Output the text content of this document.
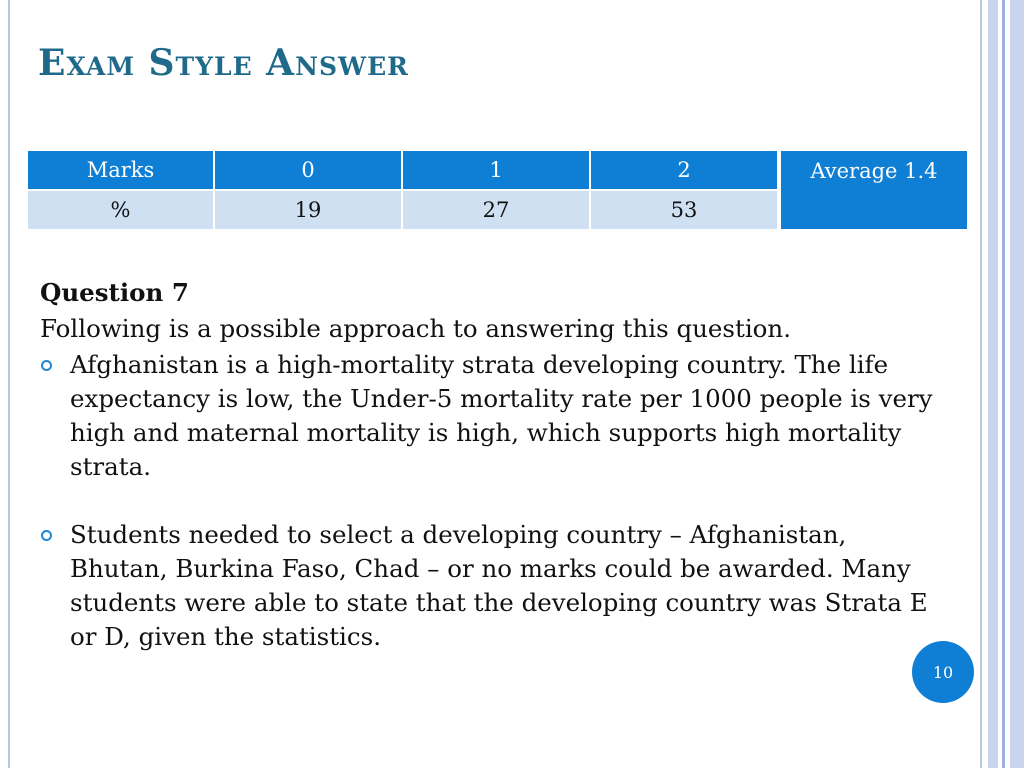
Exam Style Answer
Marks	0	1	2	Average 1.4
%	19	27	53	

Question 7

Following is a possible approach to answering this question.

Afghanistan is a high-mortality strata developing country. The life expectancy is low, the Under-5 mortality rate per 1000 people is very high and maternal mortality is high, which supports high mortality strata.
Students needed to select a developing country – Afghanistan, Bhutan, Burkina Faso, Chad – or no marks could be awarded. Many students were able to state that the developing country was Strata E or D, given the statistics.
10
